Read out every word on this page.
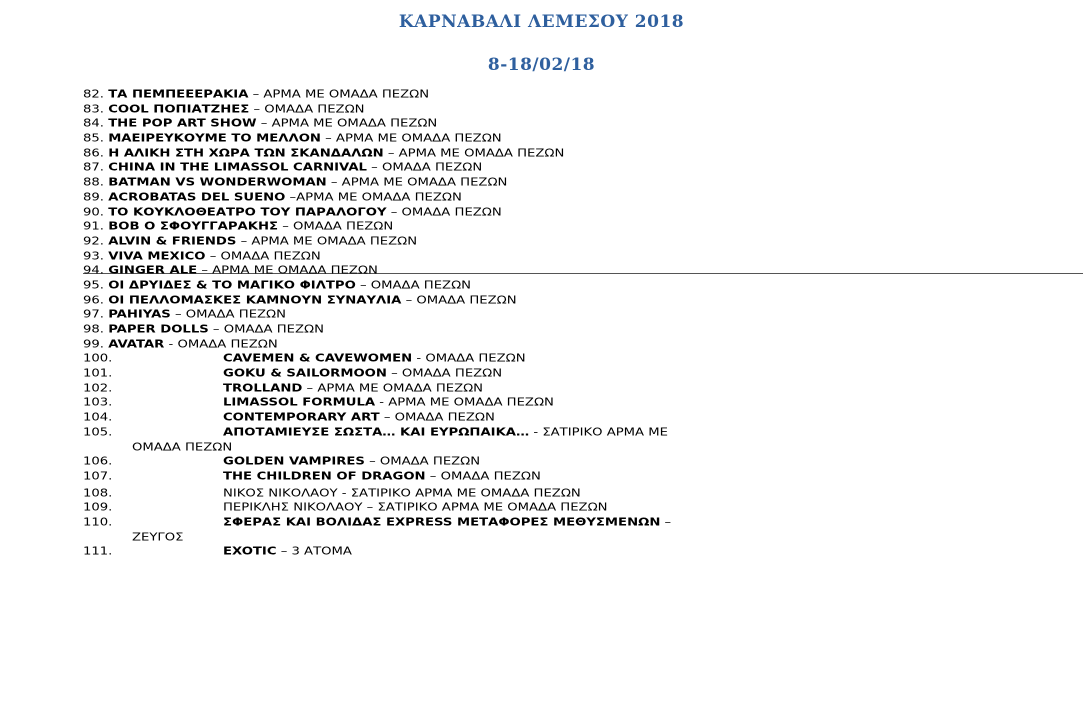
ΚΑΡΝΑΒΑΛΙ ΛΕΜΕΣΟΥ 2018
8-18/02/18
82. ΤΑ ΠΕΜΠΕΕΕΡΑΚΙΑ – ΑΡΜΑ ΜΕ ΟΜΑΔΑ ΠΕΖΩΝ
83. COOL ΠΟΠΙΑΤΖΗΕΣ – ΟΜΑΔΑ ΠΕΖΩΝ
84. THE POP ART SHOW – ΑΡΜΑ ΜΕ ΟΜΑΔΑ ΠΕΖΩΝ
85. ΜΑΕΙΡΕΥΚΟΥΜΕ ΤΟ ΜΕΛΛΟΝ – ΑΡΜΑ ΜΕ ΟΜΑΔΑ ΠΕΖΩΝ
86. Η ΑΛΙΚΗ ΣΤΗ ΧΩΡΑ ΤΩΝ ΣΚΑΝΔΑΛΩΝ – ΑΡΜΑ ΜΕ ΟΜΑΔΑ ΠΕΖΩΝ
87. CHINA IN THE LIMASSOL CARNIVAL – ΟΜΑΔΑ ΠΕΖΩΝ
88. BATMAN VS WONDERWOMAN – ΑΡΜΑ ΜΕ ΟΜΑΔΑ ΠΕΖΩΝ
89. ACROBATAS DEL SUENO –ΑΡΜΑ ΜΕ ΟΜΑΔΑ ΠΕΖΩΝ
90. ΤΟ ΚΟΥΚΛΟΘΕΑΤΡΟ ΤΟΥ ΠΑΡΑΛΟΓΟΥ – ΟΜΑΔΑ ΠΕΖΩΝ
91. ΒΟΒ Ο ΣΦΟΥΓΓΑΡΑΚΗΣ – ΟΜΑΔΑ ΠΕΖΩΝ
92. ALVIN & FRIENDS – ΑΡΜΑ ΜΕ ΟΜΑΔΑ ΠΕΖΩΝ
93. VIVA MEXICO – ΟΜΑΔΑ ΠΕΖΩΝ
94. GINGER ALE – ΑΡΜΑ ΜΕ ΟΜΑΔΑ ΠΕΖΩΝ
95. ΟΙ ΔΡΥΙΔΕΣ & ΤΟ ΜΑΓΙΚΟ ΦΙΛΤΡΟ – ΟΜΑΔΑ ΠΕΖΩΝ
96. ΟΙ ΠΕΛΛΟΜΑΣΚΕΣ ΚΑΜΝΟΥΝ ΣΥΝΑΥΛΙΑ – ΟΜΑΔΑ ΠΕΖΩΝ
97. PAHIYAS – ΟΜΑΔΑ ΠΕΖΩΝ
98. PAPER DOLLS – ΟΜΑΔΑ ΠΕΖΩΝ
99. AVATAR - ΟΜΑΔΑ ΠΕΖΩΝ
100.	CAVEMEN & CAVEWOMEN - ΟΜΑΔΑ ΠΕΖΩΝ
101.	GOKU & SAILORMOON – ΟΜΑΔΑ ΠΕΖΩΝ
102.	TROLLAND – ΑΡΜΑ ΜΕ ΟΜΑΔΑ ΠΕΖΩΝ
103.	LIMASSOL FORMULA - ΑΡΜΑ ΜΕ ΟΜΑΔΑ ΠΕΖΩΝ
104.	CONTEMPORARY ART – ΟΜΑΔΑ ΠΕΖΩΝ
105.	ΑΠΟΤΑΜΙΕΥΣΕ ΣΩΣΤΑ… ΚΑΙ ΕΥΡΩΠΑΙΚΑ… - ΣΑΤΙΡΙΚΟ ΑΡΜΑ ΜΕ
ΟΜΑΔΑ ΠΕΖΩΝ
106.	GOLDEN VAMPIRES – ΟΜΑΔΑ ΠΕΖΩΝ
107.	THE CHILDREN OF DRAGON – ΟΜΑΔΑ ΠΕΖΩΝ
108.	ΝΙΚΟΣ ΝΙΚΟΛΑΟΥ - ΣΑΤΙΡΙΚΟ ΑΡΜΑ ΜΕ ΟΜΑΔΑ ΠΕΖΩΝ
109.	ΠΕΡΙΚΛΗΣ ΝΙΚΟΛΑΟΥ – ΣΑΤΙΡΙΚΟ ΑΡΜΑ ΜΕ ΟΜΑΔΑ ΠΕΖΩΝ
110.	ΣΦΕΡΑΣ ΚΑΙ ΒΟΛΙΔΑΣ EXPRESS ΜΕΤΑΦΟΡΕΣ ΜΕΘΥΣΜΕΝΩΝ –
ΖΕΥΓΟΣ
111.	EXOTIC – 3 ΑΤΟΜΑ
